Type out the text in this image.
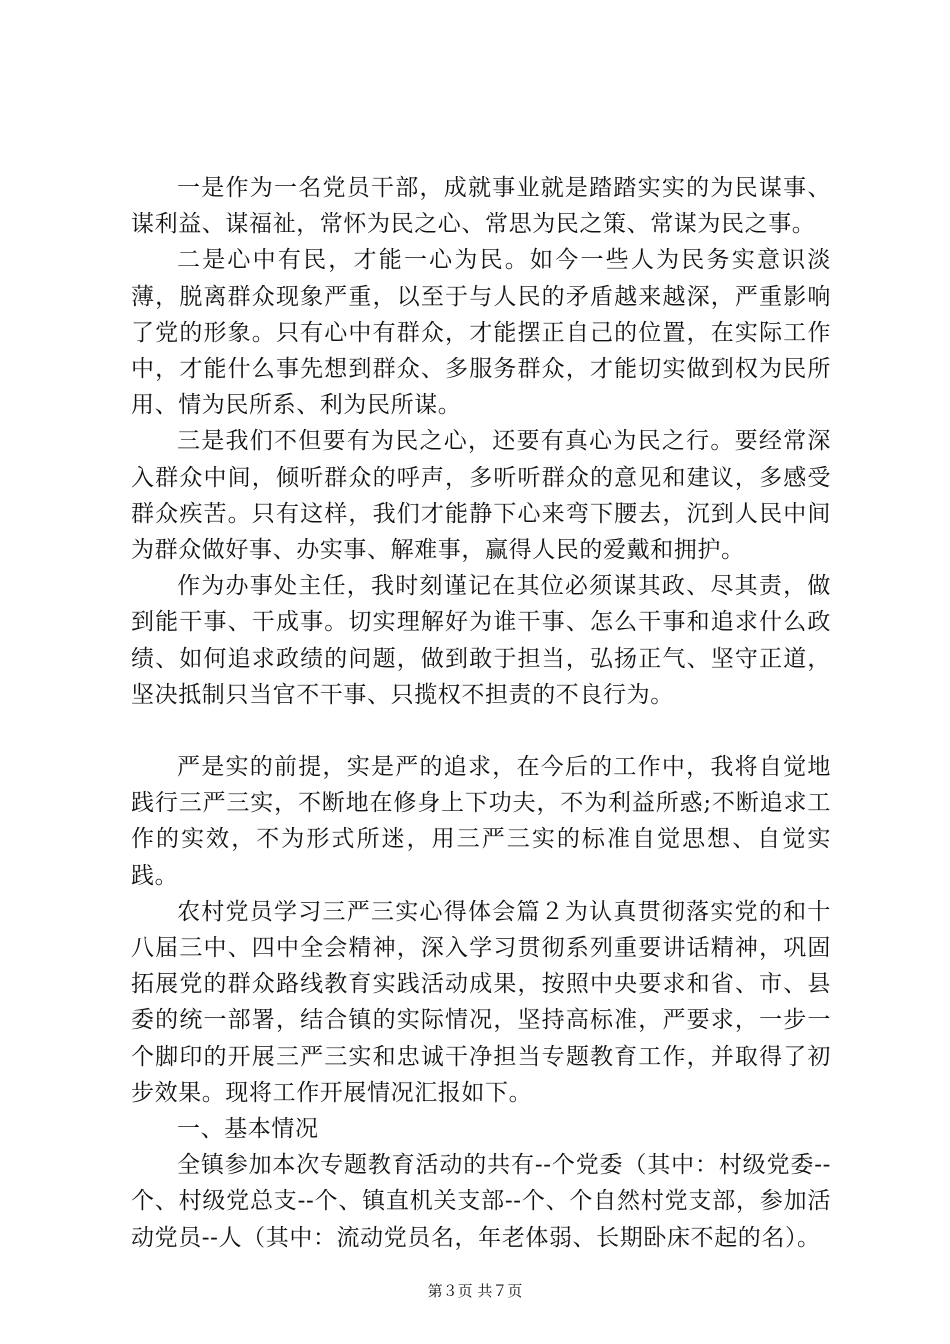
一是作为一名党员干部，成就事业就是踏踏实实的为民谋事、谋利益、谋福祉，常怀为民之心、常思为民之策、常谋为民之事。

二是心中有民，才能一心为民。如今一些人为民务实意识淡薄，脱离群众现象严重，以至于与人民的矛盾越来越深，严重影响了党的形象。只有心中有群众，才能摆正自己的位置，在实际工作中，才能什么事先想到群众、多服务群众，才能切实做到权为民所用、情为民所系、利为民所谋。

三是我们不但要有为民之心，还要有真心为民之行。要经常深入群众中间，倾听群众的呼声，多听听群众的意见和建议，多感受群众疾苦。只有这样，我们才能静下心来弯下腰去，沉到人民中间为群众做好事、办实事、解难事，赢得人民的爱戴和拥护。

作为办事处主任，我时刻谨记在其位必须谋其政、尽其责，做到能干事、干成事。切实理解好为谁干事、怎么干事和追求什么政绩、如何追求政绩的问题，做到敢于担当，弘扬正气、坚守正道，坚决抵制只当官不干事、只揽权不担责的不良行为。

严是实的前提，实是严的追求，在今后的工作中，我将自觉地践行三严三实，不断地在修身上下功夫，不为利益所惑;不断追求工作的实效，不为形式所迷，用三严三实的标准自觉思想、自觉实践。

农村党员学习三严三实心得体会篇２为认真贯彻落实党的和十八届三中、四中全会精神，深入学习贯彻系列重要讲话精神，巩固拓展党的群众路线教育实践活动成果，按照中央要求和省、市、县委的统一部署，结合镇的实际情况，坚持高标准，严要求，一步一个脚印的开展三严三实和忠诚干净担当专题教育工作，并取得了初步效果。现将工作开展情况汇报如下。

一、基本情况

全镇参加本次专题教育活动的共有--个党委（其中：村级党委--个、村级党总支--个、镇直机关支部--个、个自然村党支部，参加活动党员--人（其中：流动党员名，年老体弱、长期卧床不起的名）。

第３页 共７页
